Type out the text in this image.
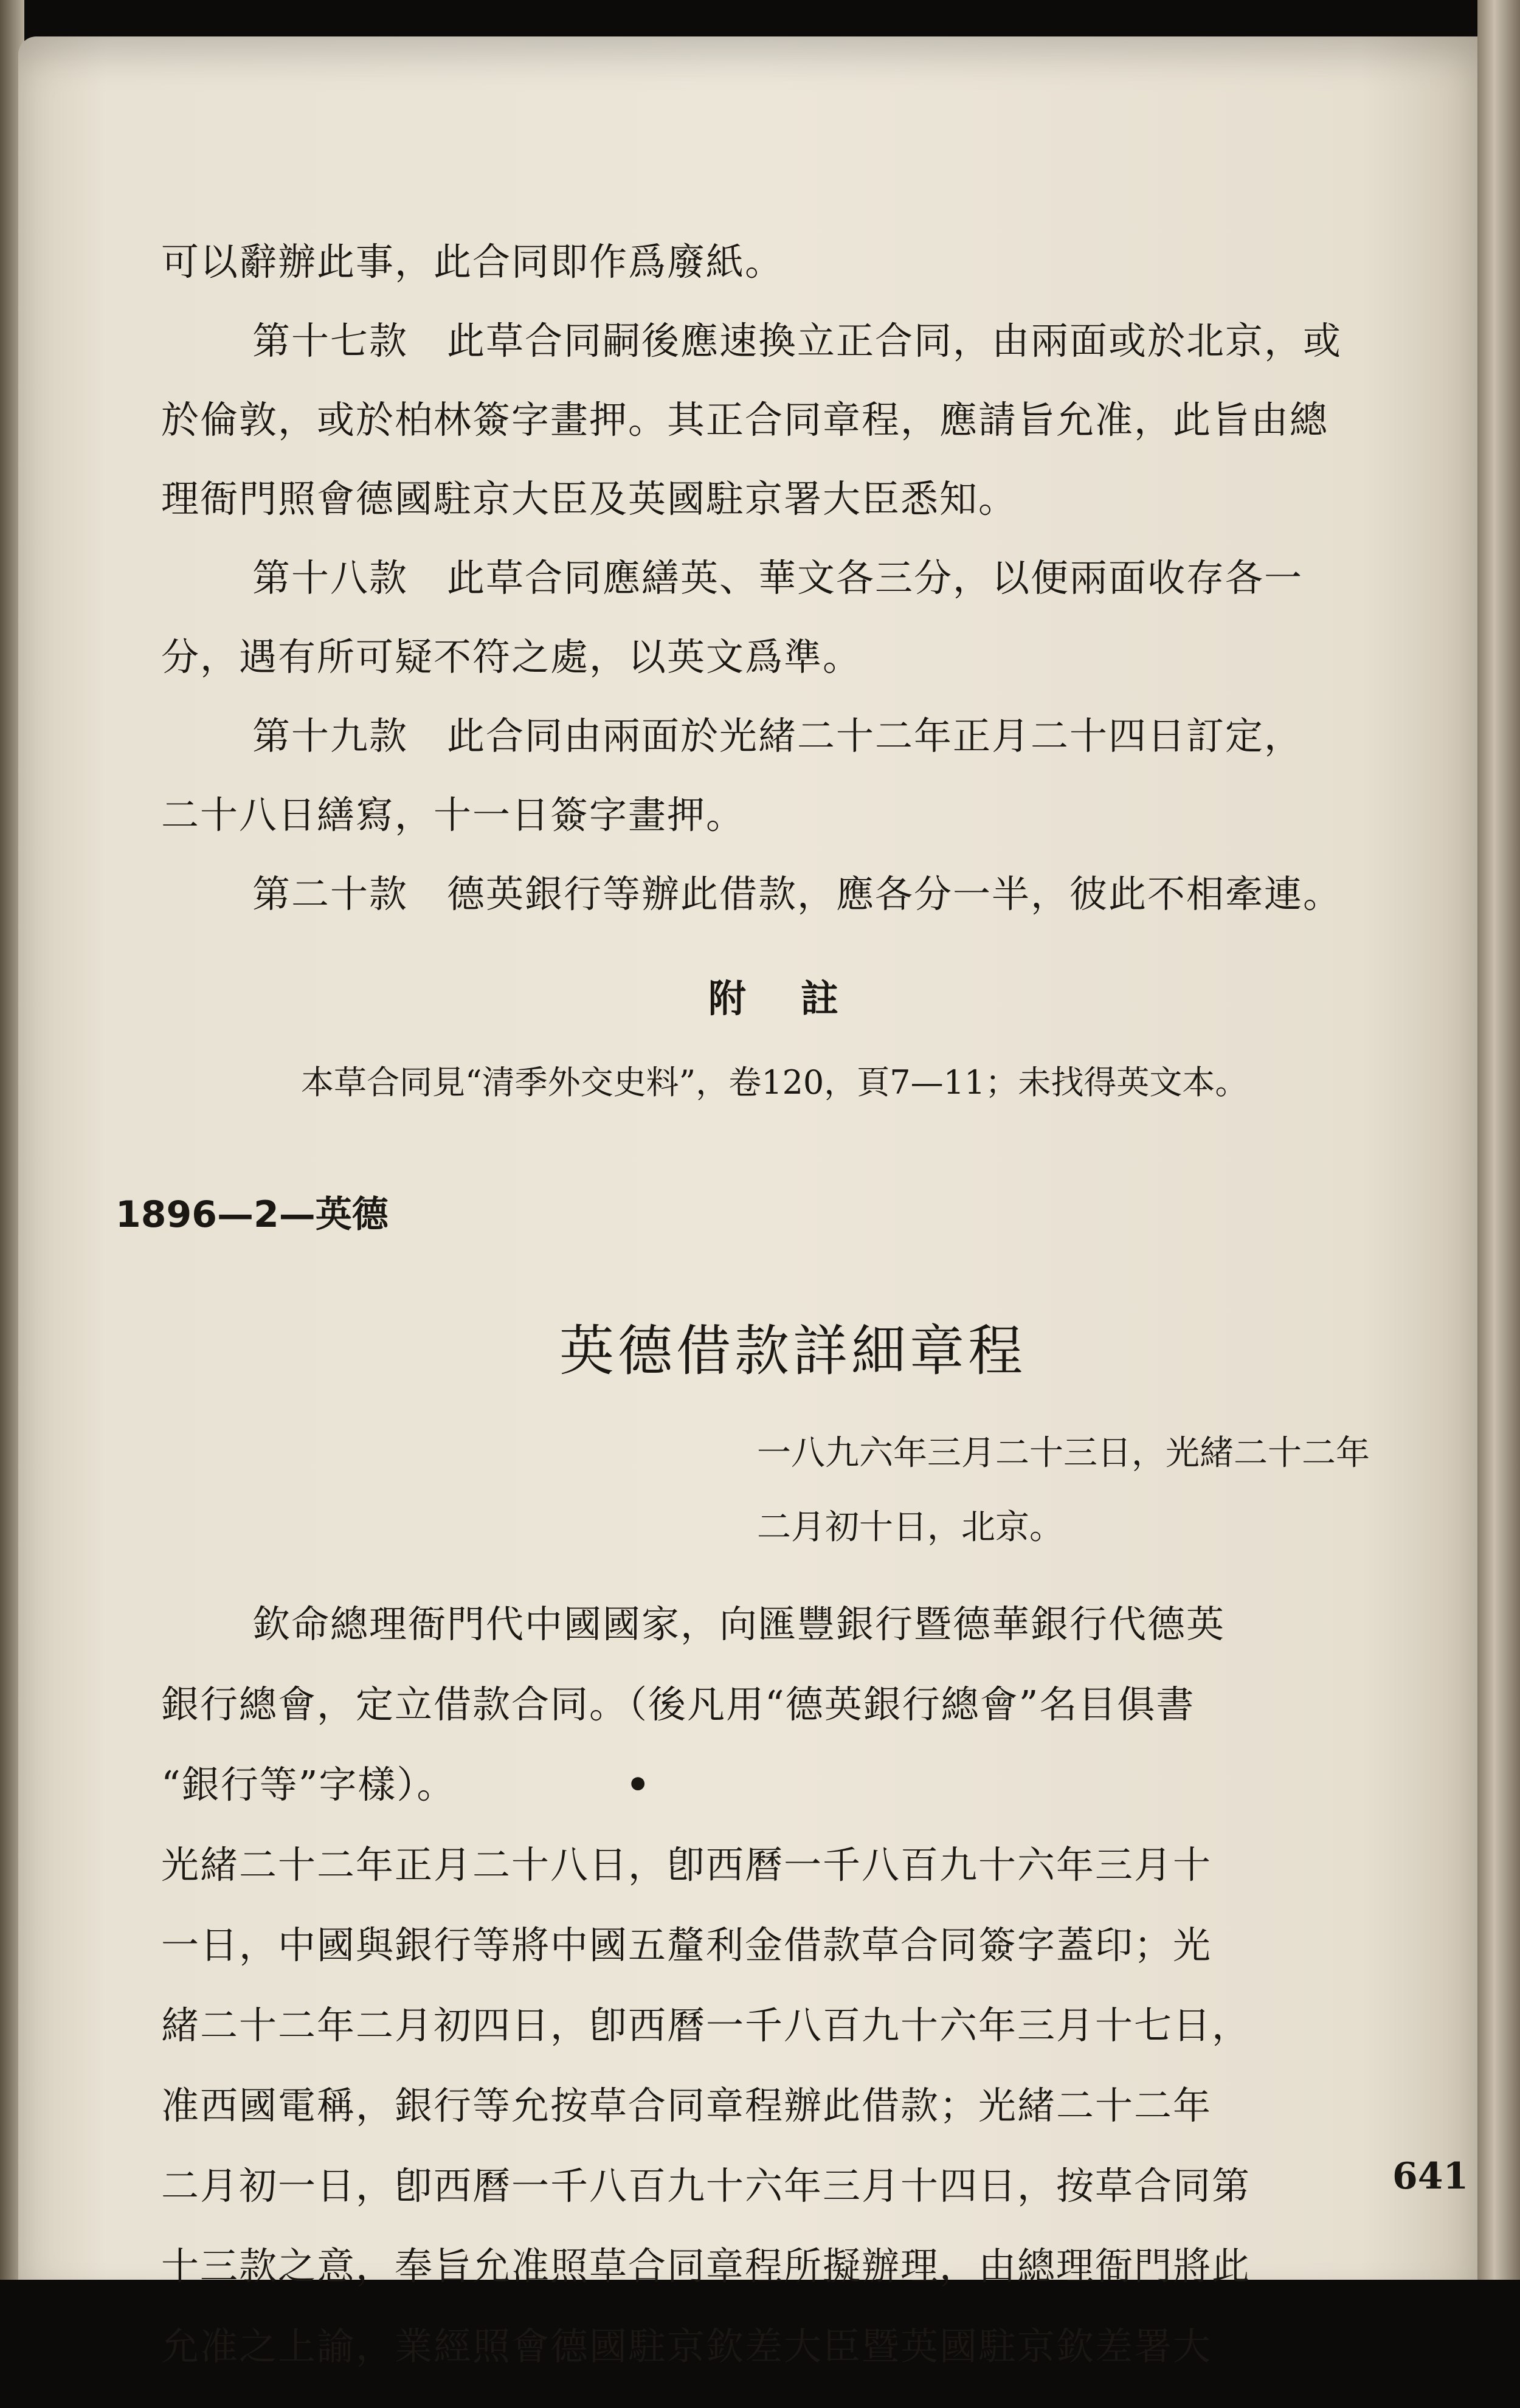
可以辭辦此事，此合同即作爲廢紙。
第十七款　此草合同嗣後應速換立正合同，由兩面或於北京，或
於倫敦，或於柏林簽字畫押。其正合同章程，應請旨允准，此旨由總
理衙門照會德國駐京大臣及英國駐京署大臣悉知。
第十八款　此草合同應繕英、華文各三分，以便兩面收存各一
分，遇有所可疑不符之處，以英文爲準。
第十九款　此合同由兩面於光緒二十二年正月二十四日訂定，
二十八日繕寫，十一日簽字畫押。
第二十款　德英銀行等辦此借款，應各分一半，彼此不相牽連。
附註
本草合同見“清季外交史料”，卷120，頁7—11；未找得英文本。
1896—2—英德
英德借款詳細章程
一八九六年三月二十三日，光緒二十二年
二月初十日，北京。
欽命總理衙門代中國國家，向匯豐銀行暨德華銀行代德英
銀行總會，定立借款合同。（後凡用“德英銀行總會”名目俱書
“銀行等”字樣）。	•
光緒二十二年正月二十八日，卽西曆一千八百九十六年三月十
一日，中國與銀行等將中國五釐利金借款草合同簽字蓋印；光
緒二十二年二月初四日，卽西曆一千八百九十六年三月十七日，
准西國電稱，銀行等允按草合同章程辦此借款；光緒二十二年
二月初一日，卽西曆一千八百九十六年三月十四日，按草合同第
十三款之意，奉旨允准照草合同章程所擬辦理，由總理衙門將此
允准之上諭，業經照會德國駐京欽差大臣暨英國駐京欽差署大
641
